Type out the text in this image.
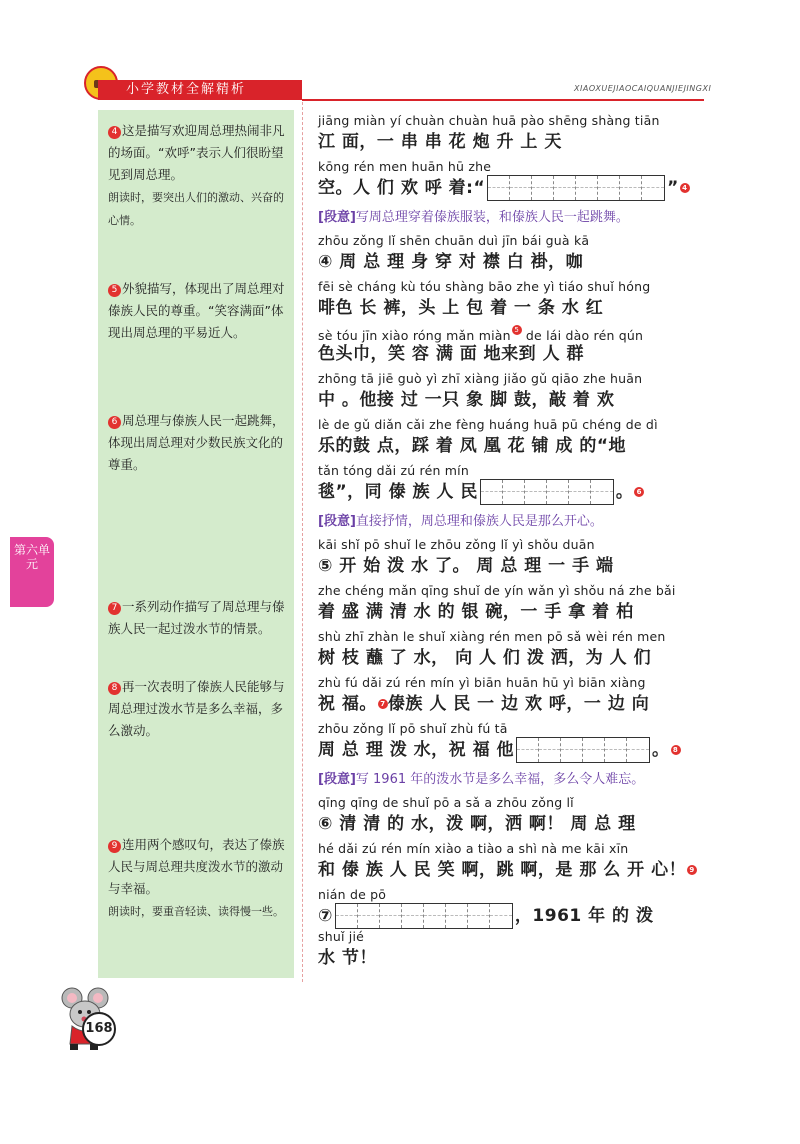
小学教材全解精析	XIAOXUEJIAOCAIQUANJIEJINGXI
4 这是描写欢迎周总理热闹非凡的场面。“欢呼”表示人们很盼望见到周总理。
朗读时，要突出人们的激动、兴奋的心情。
5 外貌描写，体现出了周总理对傣族人民的尊重。“笑容满面”体现出周总理的平易近人。
6 周总理与傣族人民一起跳舞，体现出周总理对少数民族文化的尊重。
7 一系列动作描写了周总理与傣族人民一起过泼水节的情景。
8 再一次表明了傣族人民能够与周总理过泼水节是多么幸福，多么激动。
9 连用两个感叹句，表达了傣族人民与周总理共度泼水节的激动与幸福。
朗读时，要重音轻读、读得慢一些。
第六单元
jiāng miàn yí chuàn chuàn huā pào shēng shàng tiān
江 面，一 串 串 花 炮 升 上 天
kōng rén men huān hū zhe
空。人 们 欢 呼 着:“	” 4
[段意]写周总理穿着傣族服装，和傣族人民一起跳舞。
zhōu zǒng lǐ shēn chuān duì jīn bái guà kā
④ 周 总 理 身 穿 对 襟 白 褂，咖
fēi sè cháng kù tóu shàng bāo zhe yì tiáo shuǐ hóng
啡色 长 裤，头 上 包 着 一 条 水 红
sè tóu jīn xiào róng mǎn miàn 5 de lái dào rén qún
色头巾，笑 容 满 面 地来到 人 群
zhōng tā jiē guò yì zhī xiàng jiǎo gǔ qiāo zhe huān
中 。他接 过 一只 象 脚 鼓，敲 着 欢
lè de gǔ diǎn cǎi zhe fèng huáng huā pū chéng de dì
乐的鼓 点，踩 着 凤 凰 花 铺 成 的“地
tǎn tóng dǎi zú rén mín
毯”，同 傣 族 人 民	。 6
[段意]直接抒情，周总理和傣族人民是那么开心。
kāi shǐ pō shuǐ le zhōu zǒng lǐ yì shǒu duān
⑤ 开 始 泼 水 了。 周 总 理 一 手 端
zhe chéng mǎn qīng shuǐ de yín wǎn yì shǒu ná zhe bǎi
着 盛 满 清 水 的 银 碗，一 手 拿 着 柏
shù zhī zhàn le shuǐ xiàng rén men pō sǎ wèi rén men
树 枝 蘸 了 水， 向 人 们 泼 洒，为 人 们
zhù fú dǎi zú rén mín yì biān huān hū yì biān xiàng
祝 福。 7 傣族 人 民 一 边 欢 呼，一 边 向
zhōu zǒng lǐ pō shuǐ zhù fú tā
周 总 理 泼 水，祝 福 他	。 8
[段意]写 1961 年的泼水节是多么幸福，多么令人难忘。
qīng qīng de shuǐ pō a sǎ a zhōu zǒng lǐ
⑥ 清 清 的 水，泼 啊，洒 啊！ 周 总 理
hé dǎi zú rén mín xiào a tiào a shì nà me kāi xīn
和 傣 族 人 民 笑 啊，跳 啊，是 那 么 开 心！ 9
nián de pō
⑦	，1961 年 的 泼
shuǐ jié
水 节！
168
